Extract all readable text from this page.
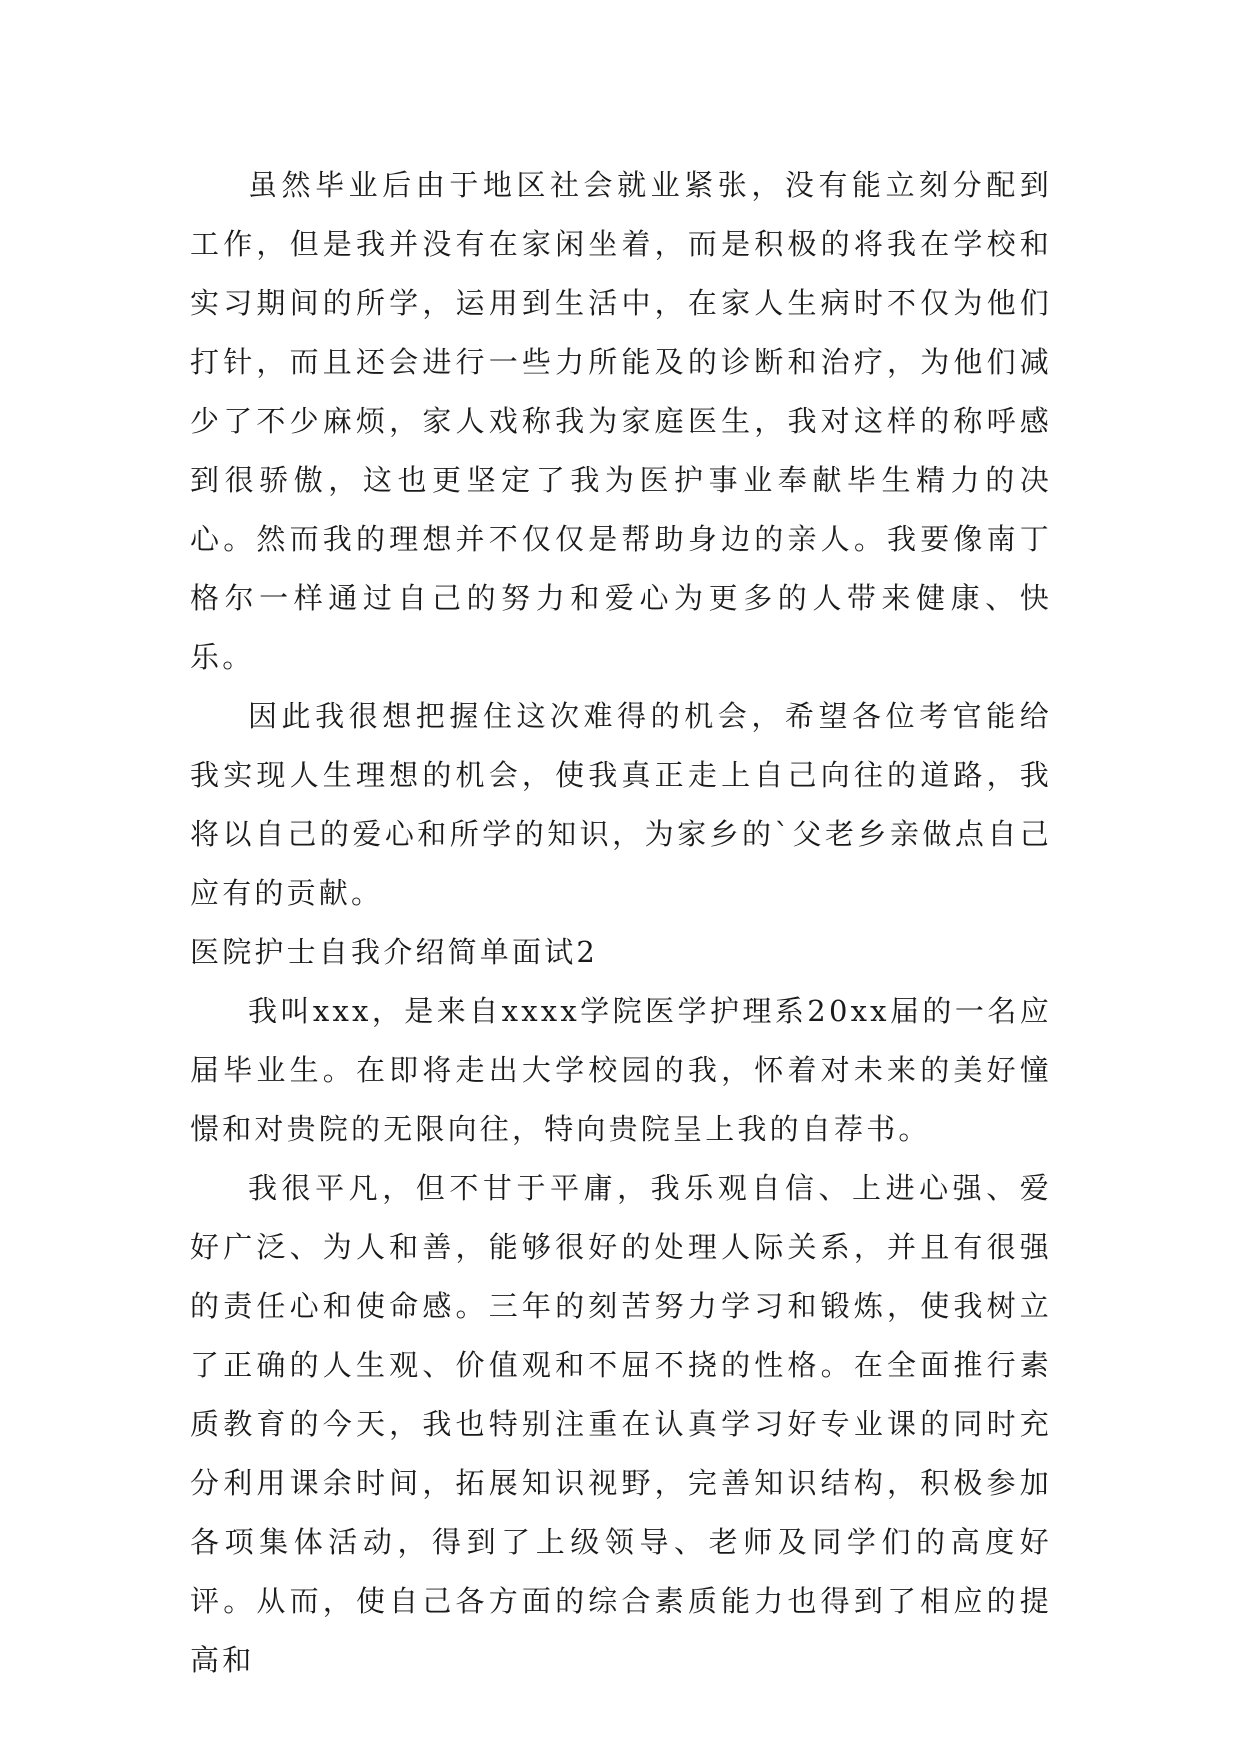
虽然毕业后由于地区社会就业紧张，没有能立刻分配到工作，但是我并没有在家闲坐着，而是积极的将我在学校和实习期间的所学，运用到生活中，在家人生病时不仅为他们打针，而且还会进行一些力所能及的诊断和治疗，为他们减少了不少麻烦，家人戏称我为家庭医生，我对这样的称呼感到很骄傲，这也更坚定了我为医护事业奉献毕生精力的决心。然而我的理想并不仅仅是帮助身边的亲人。我要像南丁格尔一样通过自己的努力和爱心为更多的人带来健康、快乐。

因此我很想把握住这次难得的机会，希望各位考官能给我实现人生理想的机会，使我真正走上自己向往的道路，我将以自己的爱心和所学的知识，为家乡的`父老乡亲做点自己应有的贡献。

医院护士自我介绍简单面试2

我叫xxx，是来自xxxx学院医学护理系20xx届的一名应届毕业生。在即将走出大学校园的我，怀着对未来的美好憧憬和对贵院的无限向往，特向贵院呈上我的自荐书。

我很平凡，但不甘于平庸，我乐观自信、上进心强、爱好广泛、为人和善，能够很好的处理人际关系，并且有很强的责任心和使命感。三年的刻苦努力学习和锻炼，使我树立了正确的人生观、价值观和不屈不挠的性格。在全面推行素质教育的今天，我也特别注重在认真学习好专业课的同时充分利用课余时间，拓展知识视野，完善知识结构，积极参加各项集体活动，得到了上级领导、老师及同学们的高度好评。从而，使自己各方面的综合素质能力也得到了相应的提高和
